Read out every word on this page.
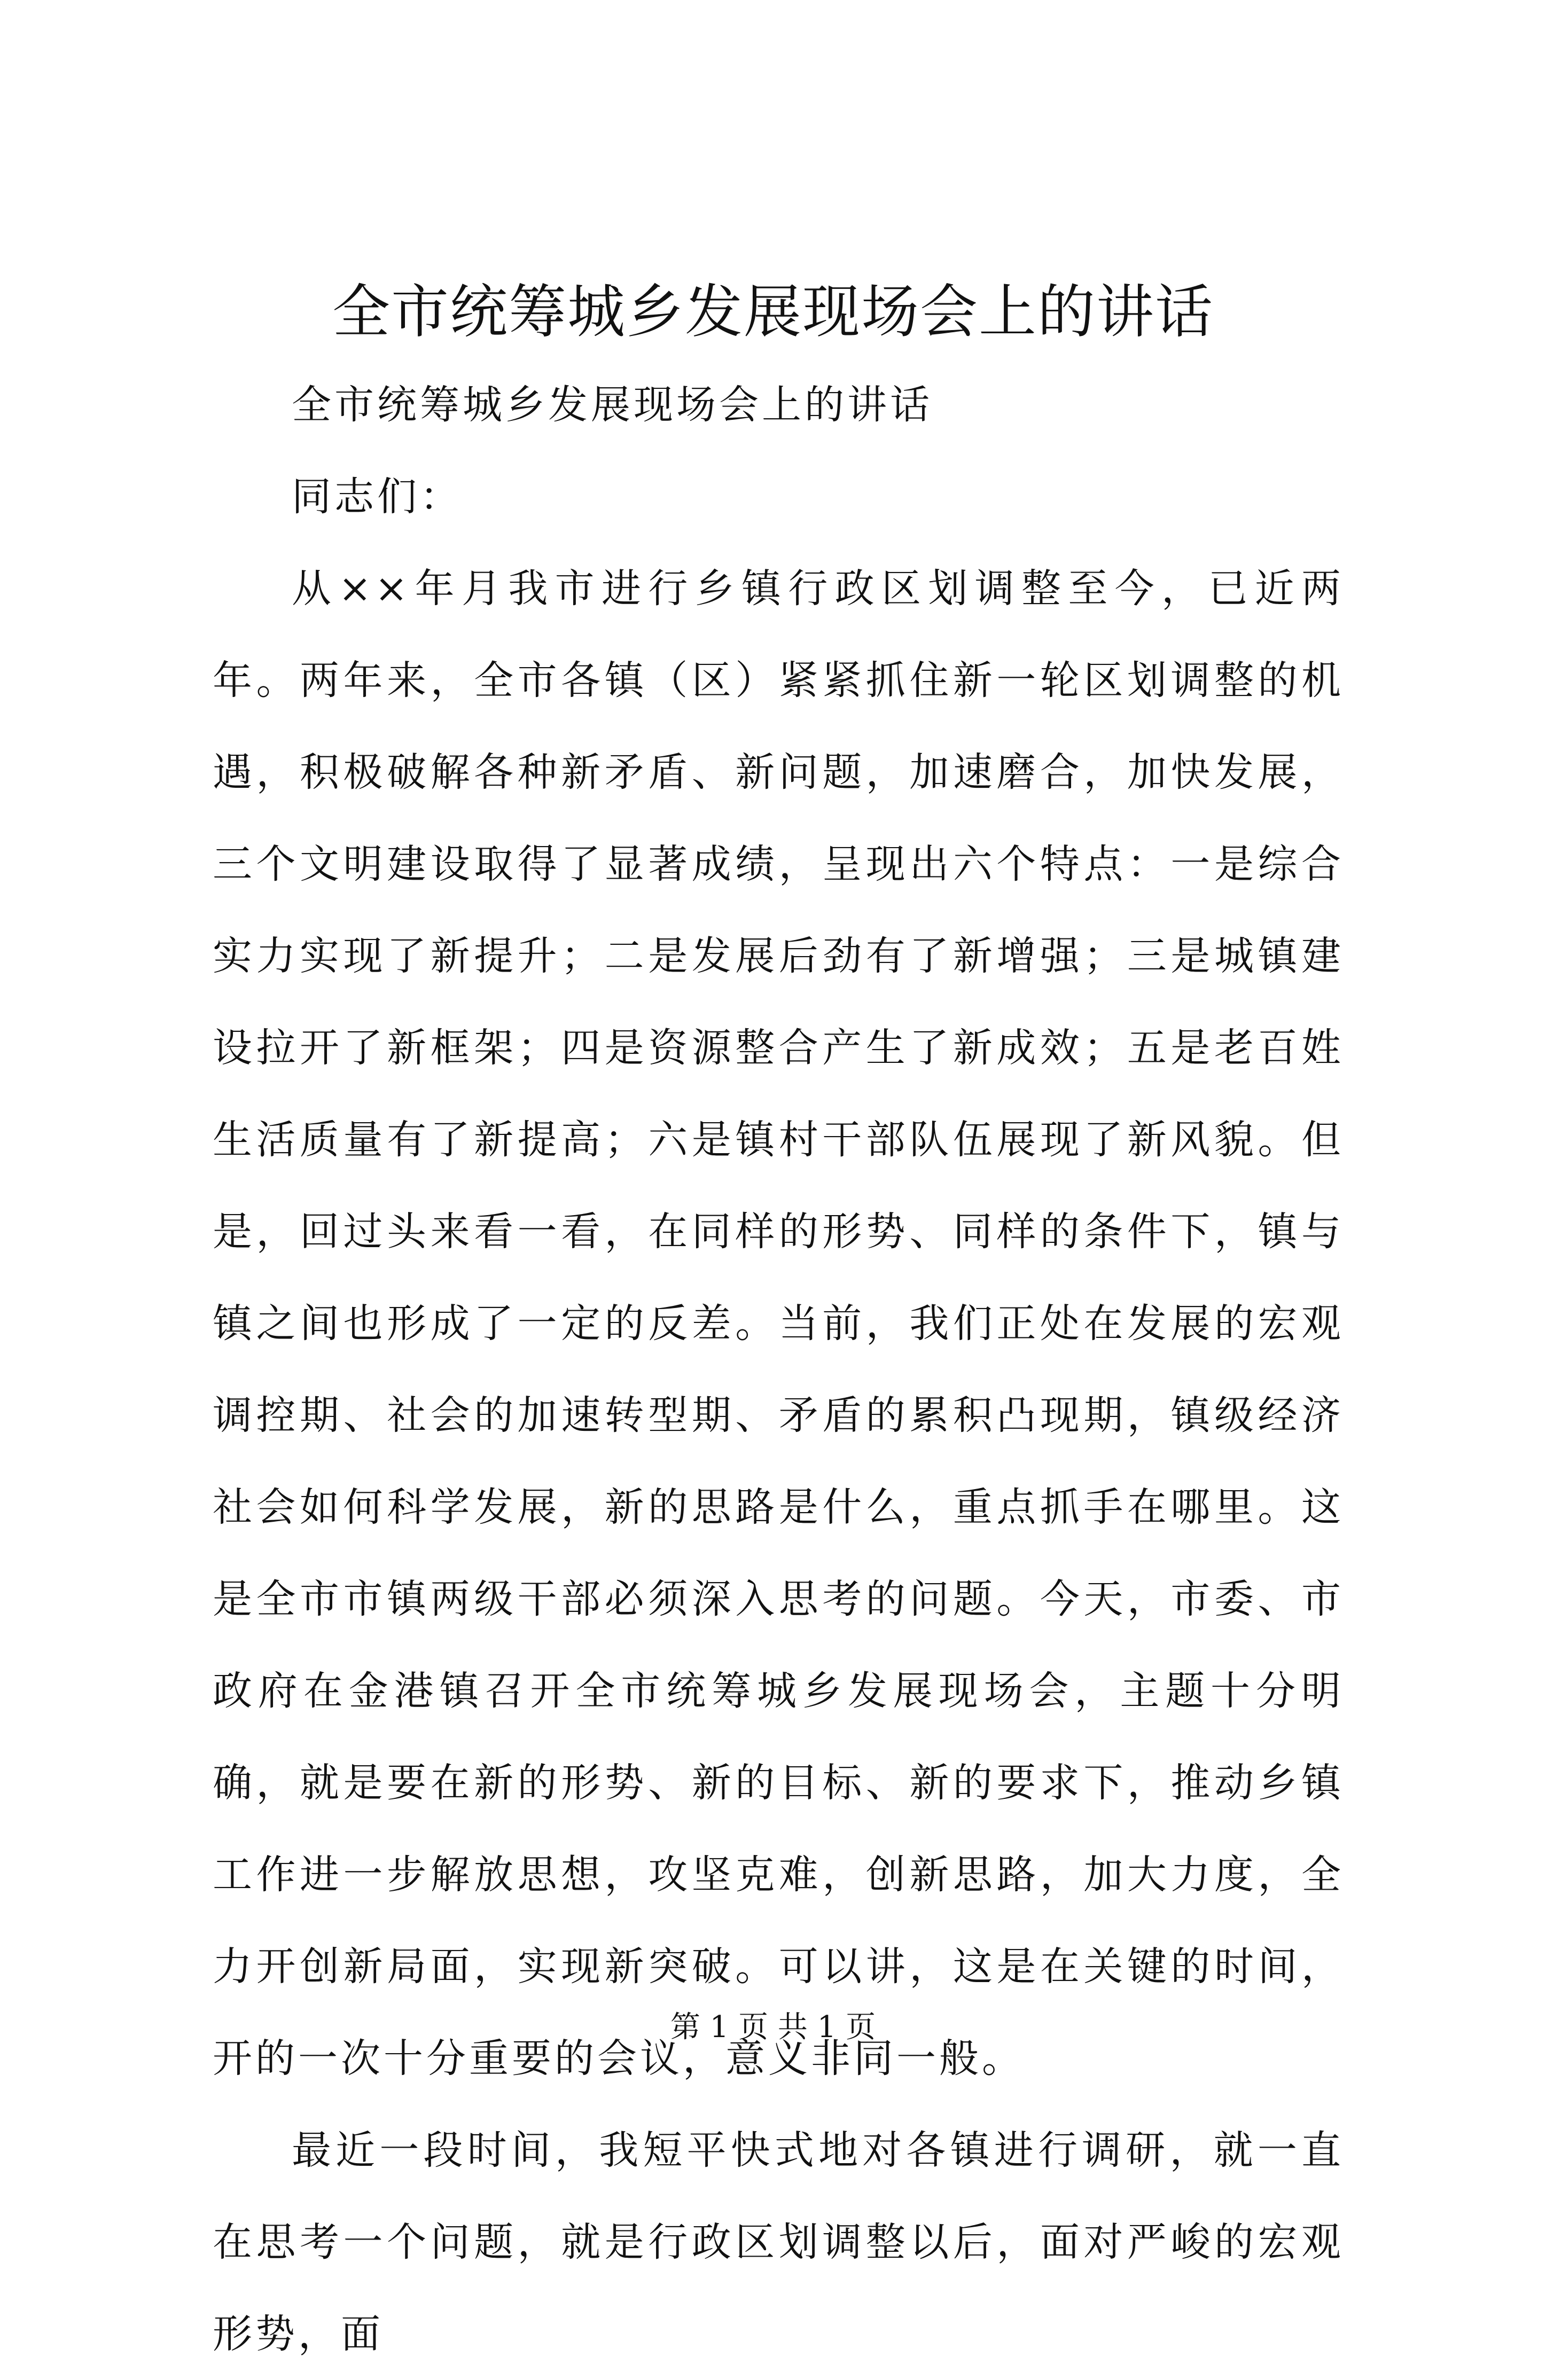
全市统筹城乡发展现场会上的讲话

全市统筹城乡发展现场会上的讲话

同志们：

从××年月我市进行乡镇行政区划调整至今，已近两年。两年来，全市各镇（区）紧紧抓住新一轮区划调整的机遇，积极破解各种新矛盾、新问题，加速磨合，加快发展，三个文明建设取得了显著成绩，呈现出六个特点：一是综合实力实现了新提升；二是发展后劲有了新增强；三是城镇建设拉开了新框架；四是资源整合产生了新成效；五是老百姓生活质量有了新提高；六是镇村干部队伍展现了新风貌。但是，回过头来看一看，在同样的形势、同样的条件下，镇与镇之间也形成了一定的反差。当前，我们正处在发展的宏观调控期、社会的加速转型期、矛盾的累积凸现期，镇级经济社会如何科学发展，新的思路是什么，重点抓手在哪里。这是全市市镇两级干部必须深入思考的问题。今天，市委、市政府在金港镇召开全市统筹城乡发展现场会，主题十分明确，就是要在新的形势、新的目标、新的要求下，推动乡镇工作进一步解放思想，攻坚克难，创新思路，加大力度，全力开创新局面，实现新突破。可以讲，这是在关键的时间，开的一次十分重要的会议，意义非同一般。

最近一段时间，我短平快式地对各镇进行调研，就一直在思考一个问题，就是行政区划调整以后，面对严峻的宏观形势，面

第 1 页 共 1 页
